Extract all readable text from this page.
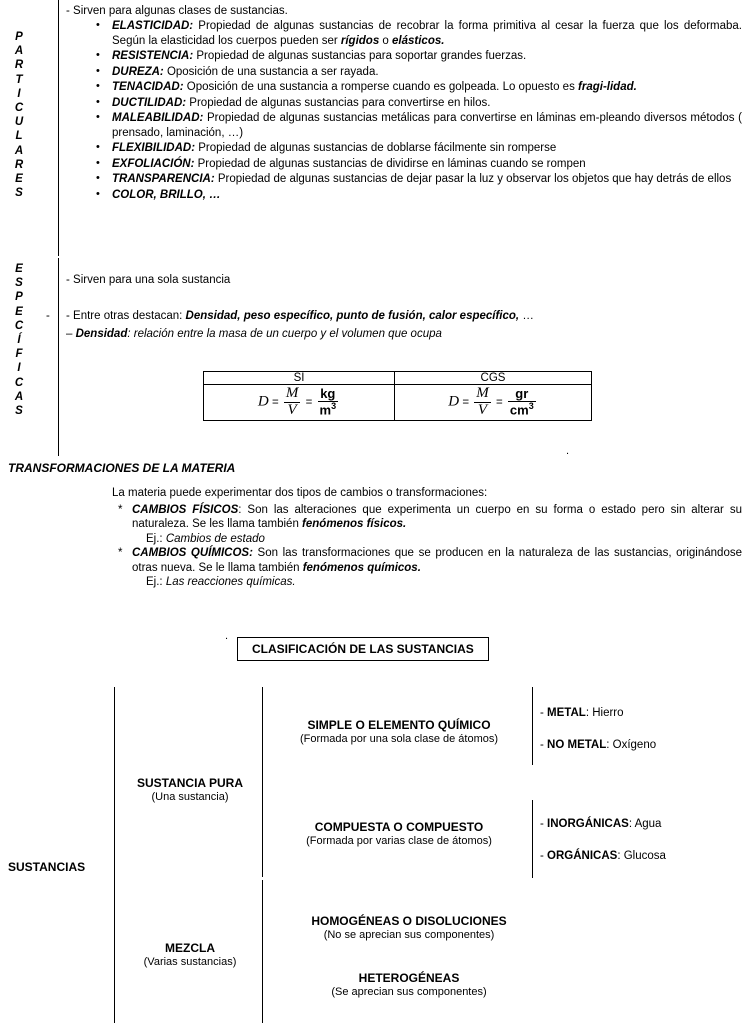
P
A
R
T
I
C
U
L
A
R
E
S
- Sirven para algunas clases de sustancias.
• ELASTICIDAD: Propiedad de algunas sustancias de recobrar la forma primitiva al cesar la fuerza que los deformaba. Según la elasticidad los cuerpos pueden ser rígidos o elásticos.
• RESISTENCIA: Propiedad de algunas sustancias para soportar grandes fuerzas.
• DUREZA: Oposición de una sustancia a ser rayada.
• TENACIDAD: Oposición de una sustancia a romperse cuando es golpeada. Lo opuesto es fragi-lidad.
• DUCTILIDAD: Propiedad de algunas sustancias para convertirse en hilos.
• MALEABILIDAD: Propiedad de algunas sustancias metálicas para convertirse en láminas em-pleando diversos métodos ( prensado, laminación, …)
• FLEXIBILIDAD: Propiedad de algunas sustancias de doblarse fácilmente sin romperse
• EXFOLIACIÓN: Propiedad de algunas sustancias de dividirse en láminas cuando se rompen
• TRANSPARENCIA: Propiedad de algunas sustancias de dejar pasar la luz y observar los objetos que hay detrás de ellos
• COLOR, BRILLO, …
E
S
P
E
C
Í
F
I
C
A
S
-
- Sirven para una sola sustancia
- Entre otras destacan: Densidad, peso específico, punto de fusión, calor específico, …
– Densidad: relación entre la masa de un cuerpo y el volumen que ocupa
SI	CGS
$D = \frac{M}{V} = \frac{kg}{m^3}$	$D = \frac{M}{V} = \frac{gr}{cm^3}$
.
TRANSFORMACIONES DE LA MATERIA
La materia puede experimentar dos tipos de cambios o transformaciones:
* CAMBIOS FÍSICOS: Son las alteraciones que experimenta un cuerpo en su forma o estado pero sin alterar su naturaleza. Se les llama también fenómenos físicos.
Ej.: Cambios de estado
* CAMBIOS QUÍMICOS: Son las transformaciones que se producen en la naturaleza de las sustancias, originándose otras nueva. Se le llama también fenómenos químicos.
Ej.: Las reacciones químicas.
.
CLASIFICACIÓN DE LAS SUSTANCIAS
SUSTANCIAS
SUSTANCIA PURA
(Una sustancia)
MEZCLA
(Varias sustancias)
SIMPLE O ELEMENTO QUÍMICO
(Formada por una sola clase de átomos)
COMPUESTA O COMPUESTO
(Formada por varias clase de átomos)
HOMOGÉNEAS O DISOLUCIONES
(No se aprecian sus componentes)
HETEROGÉNEAS
(Se aprecian sus componentes)
- METAL: Hierro
- NO METAL: Oxígeno
- INORGÁNICAS: Agua
- ORGÁNICAS: Glucosa
